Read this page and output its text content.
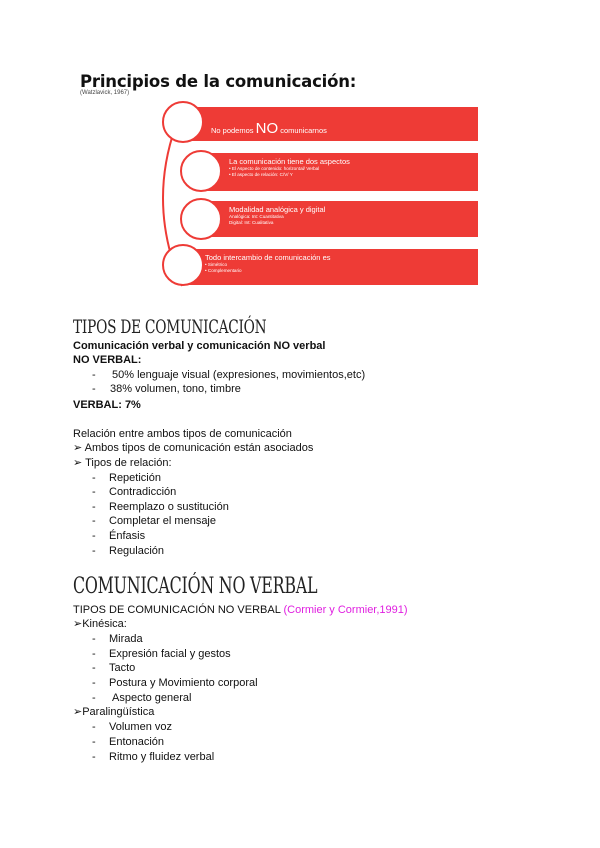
Principios de la comunicación:
(Watzlavick, 1967)
No podemos NO comunicarnos
La comunicación tiene dos aspectos
• El Aspecto de contenido: horizontal/ Verbal
• El aspecto de relación: C/V/ Y
Modalidad analógica y digital
Analógica: Int: Cuantitativa
Digital: Int: Cualitativa
Todo intercambio de comunicación es
• Simétrico
• Complementario
TIPOS DE COMUNICACIÓN
Comunicación verbal y comunicación NO verbal
NO VERBAL:
- 50% lenguaje visual (expresiones, movimientos,etc)
- 38% volumen, tono, timbre
VERBAL: 7%
Relación entre ambos tipos de comunicación
➢ Ambos tipos de comunicación están asociados
➢ Tipos de relación:
- Repetición
- Contradicción
- Reemplazo o sustitución
- Completar el mensaje
- Énfasis
- Regulación
COMUNICACIÓN NO VERBAL
TIPOS DE COMUNICACIÓN NO VERBAL (Cormier y Cormier,1991)
➢Kinésica:
- Mirada
- Expresión facial y gestos
- Tacto
- Postura y Movimiento corporal
- Aspecto general
➢Paralingüística
- Volumen voz
- Entonación
- Ritmo y fluidez verbal
